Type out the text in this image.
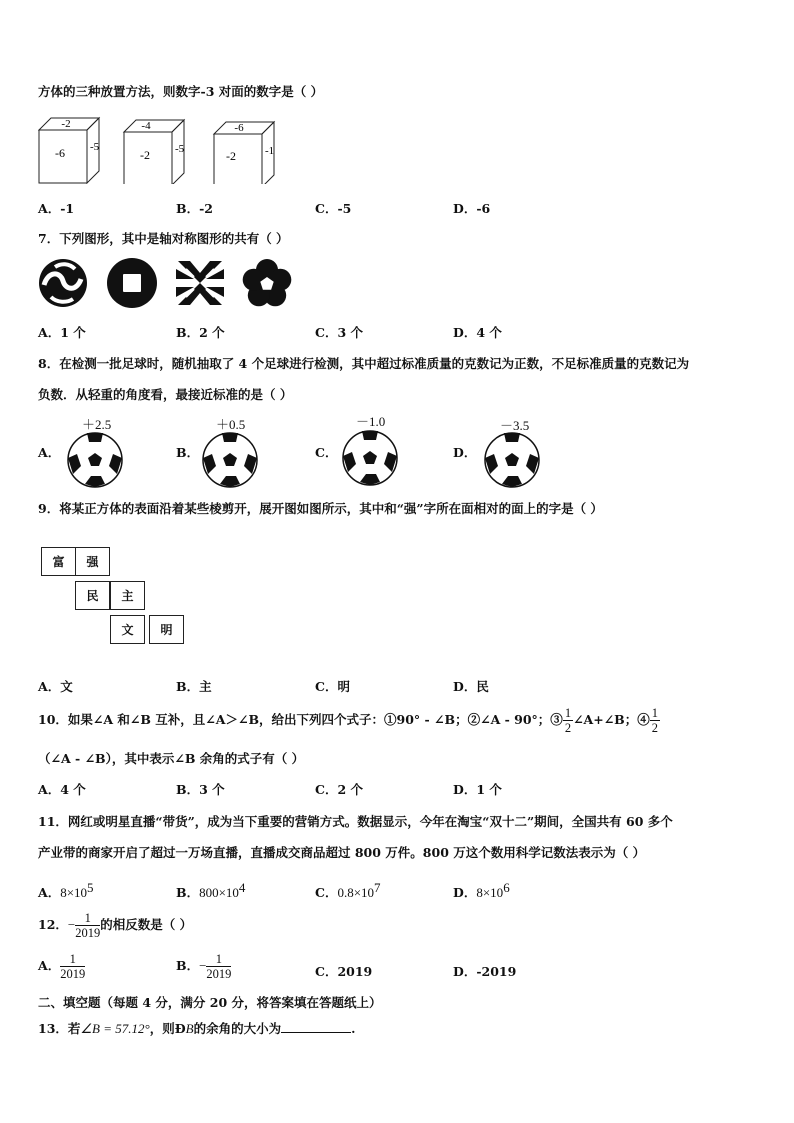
方体的三种放置方法，则数字-3 对面的数字是（ ）
-2
-6 -5
-4
-2 -5
-6
-2	-1
A．-1	B．-2	C．-5	D．-6
7．下列图形，其中是轴对称图形的共有（ ）
A．1 个	B．2 个	C．3 个	D．4 个
8．在检测一批足球时，随机抽取了 4 个足球进行检测，其中超过标准质量的克数记为正数，不足标准质量的克数记为
负数．从轻重的角度看，最接近标准的是（ ）
A．	B．	C．	D．
＋2.5	＋0.5	－1.0	－3.5
9．将某正方体的表面沿着某些棱剪开，展开图如图所示，其中和“强”字所在面相对的面上的字是（ ）
富	强
民	主
文	明
A．文	B．主	C．明	D．民
10．如果∠A 和∠B 互补，且∠A＞∠B，给出下列四个式子：①90° - ∠B；②∠A - 90°；③ $\frac{1}{2}$ ∠A+∠B；④ $\frac{1}{2}$
（∠A - ∠B），其中表示∠B 余角的式子有（ ）
A．4 个	B．3 个	C．2 个	D．1 个
11．网红或明星直播“带货”，成为当下重要的营销方式。数据显示，今年在淘宝“双十二”期间，全国共有 60 多个
产业带的商家开启了超过一万场直播，直播成交商品超过 800 万件。800 万这个数用科学记数法表示为（ ）
A．$8\times 10^5$	B．$800\times 10^4$	C．$0.8\times 10^7$	D．$8\times 10^6$
12．− $\frac{1}{2019}$ 的相反数是（ ）
A． $\frac{1}{2019}$	B．− $\frac{1}{2019}$	C．2019	D．-2019
二、填空题（每题 4 分，满分 20 分，将答案填在答题纸上）
13．若∠B = 57.12°，则ÐB的余角的大小为	.
